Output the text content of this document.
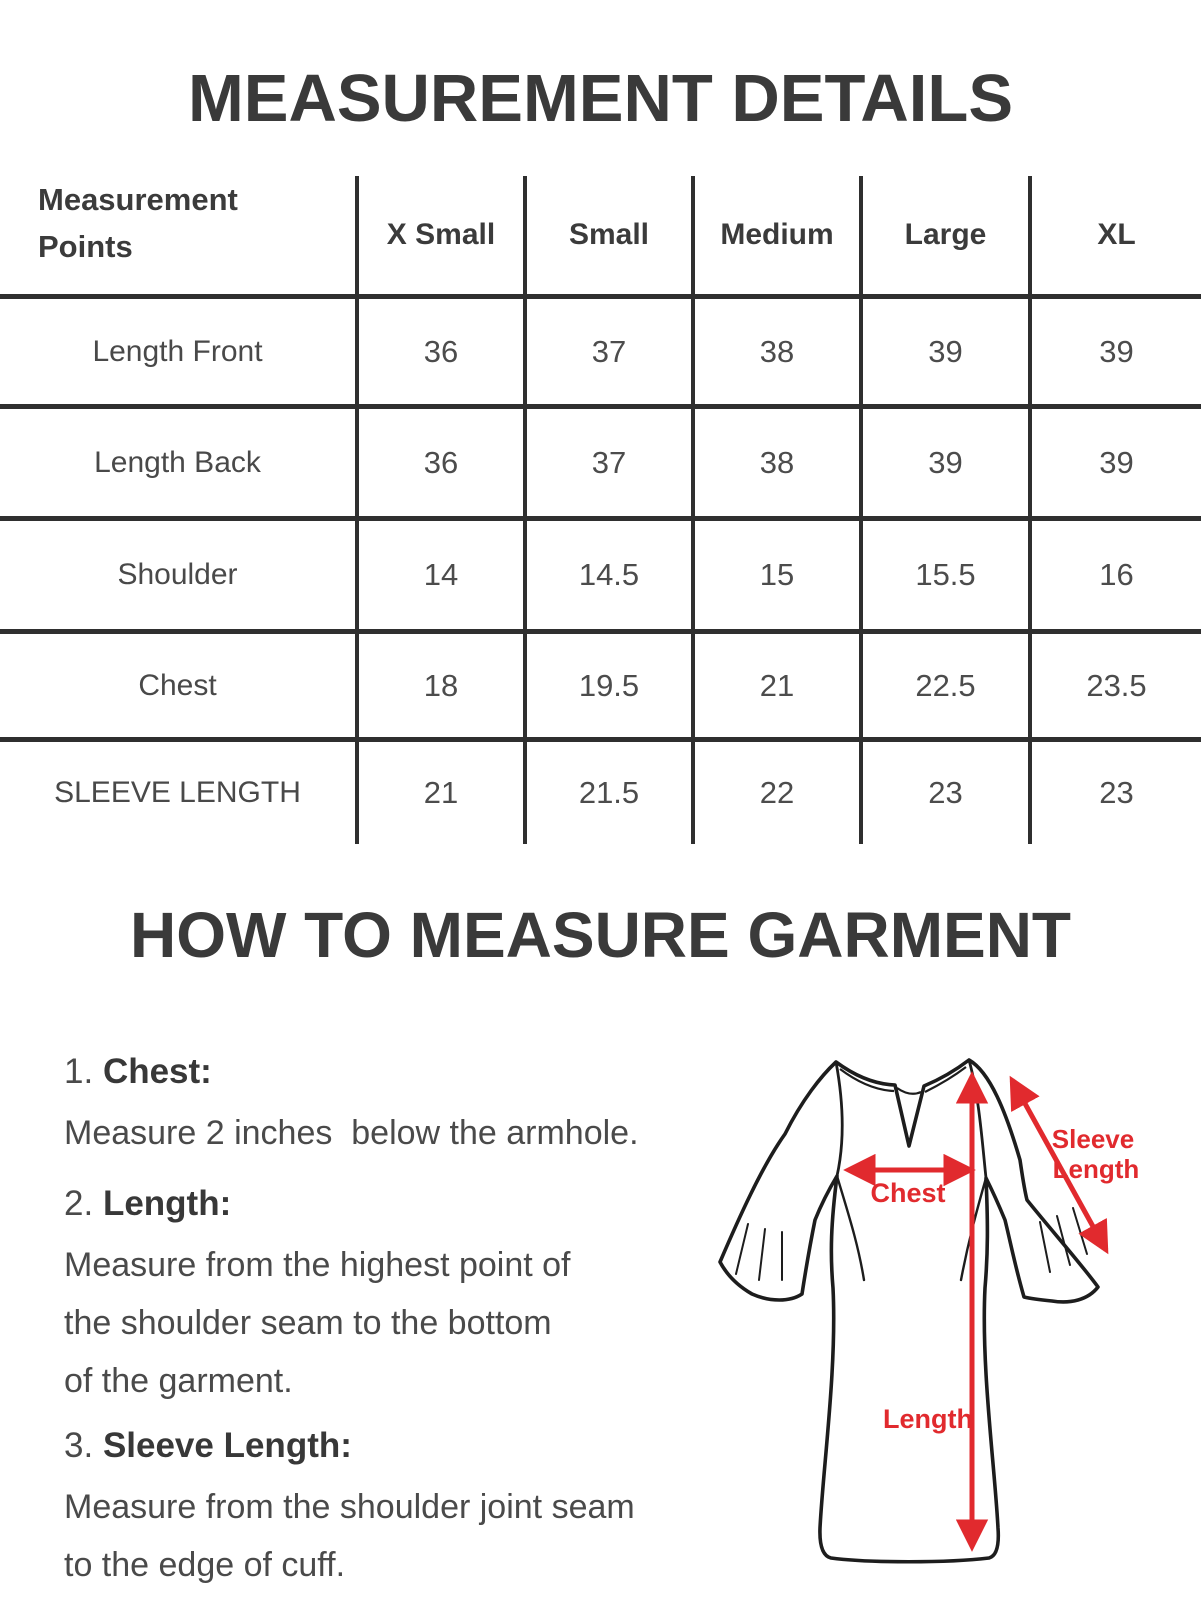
MEASUREMENT DETAILS
Measurement
Points	X Small	Small	Medium	Large	XL
Length Front	36	37	38	39	39
Length Back	36	37	38	39	39
Shoulder	14	14.5	15	15.5	16
Chest	18	19.5	21	22.5	23.5
SLEEVE LENGTH	21	21.5	22	23	23
HOW TO MEASURE GARMENT
1. Chest:
Measure 2 inches  below the armhole.
2. Length:
Measure from the highest point of
the shoulder seam to the bottom
of the garment.
3. Sleeve Length:
Measure from the shoulder joint seam
to the edge of cuff.
Chest
Sleeve
Length
Length
